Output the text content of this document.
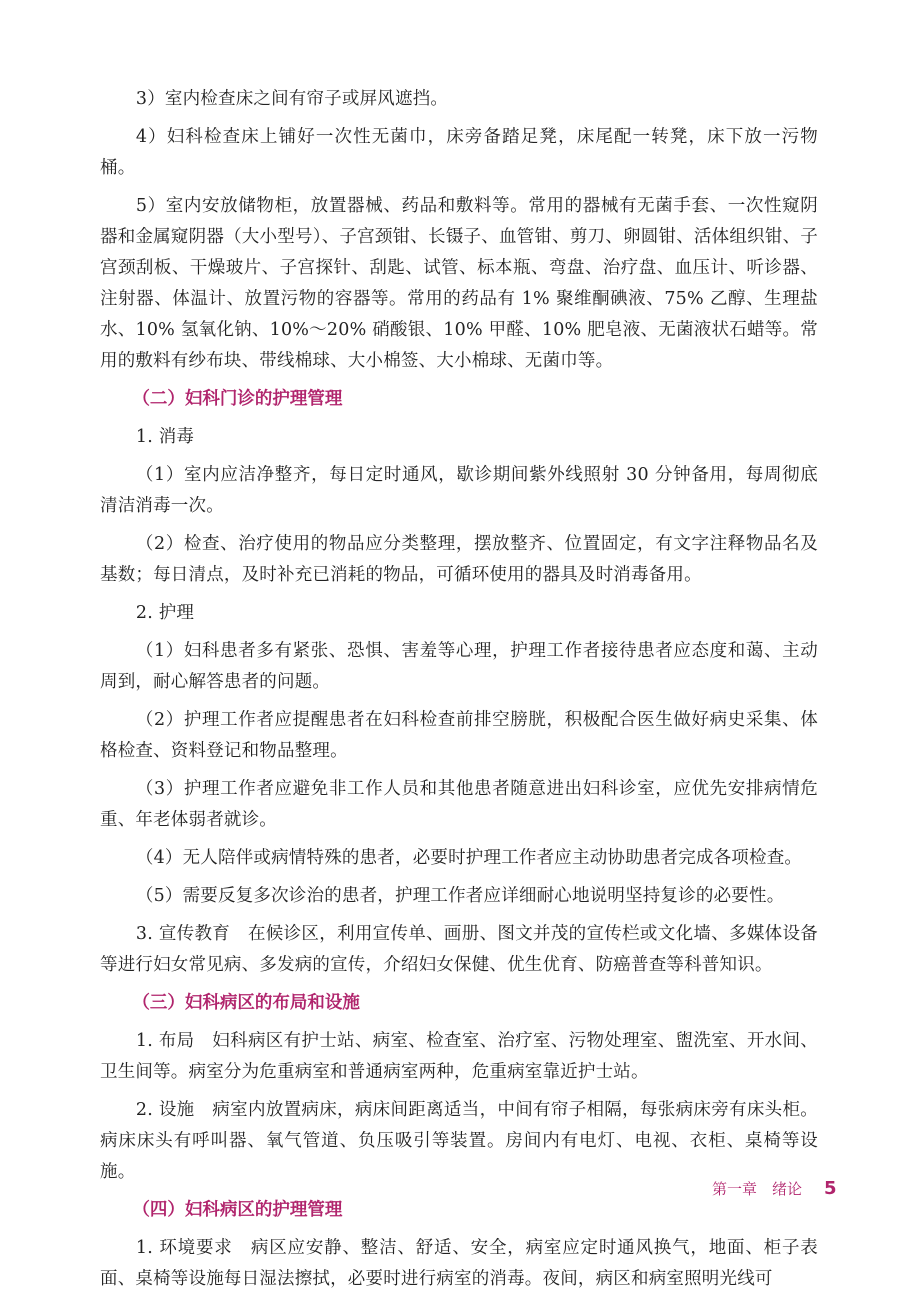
3）室内检查床之间有帘子或屏风遮挡。

4）妇科检查床上铺好一次性无菌巾，床旁备踏足凳，床尾配一转凳，床下放一污物桶。

5）室内安放储物柜，放置器械、药品和敷料等。常用的器械有无菌手套、一次性窥阴器和金属窥阴器（大小型号）、子宫颈钳、长镊子、血管钳、剪刀、卵圆钳、活体组织钳、子宫颈刮板、干燥玻片、子宫探针、刮匙、试管、标本瓶、弯盘、治疗盘、血压计、听诊器、注射器、体温计、放置污物的容器等。常用的药品有 1% 聚维酮碘液、75% 乙醇、生理盐水、10% 氢氧化钠、10%～20% 硝酸银、10% 甲醛、10% 肥皂液、无菌液状石蜡等。常用的敷料有纱布块、带线棉球、大小棉签、大小棉球、无菌巾等。

（二）妇科门诊的护理管理

1. 消毒

（1）室内应洁净整齐，每日定时通风，歇诊期间紫外线照射 30 分钟备用，每周彻底清洁消毒一次。

（2）检查、治疗使用的物品应分类整理，摆放整齐、位置固定，有文字注释物品名及基数；每日清点，及时补充已消耗的物品，可循环使用的器具及时消毒备用。

2. 护理

（1）妇科患者多有紧张、恐惧、害羞等心理，护理工作者接待患者应态度和蔼、主动周到，耐心解答患者的问题。

（2）护理工作者应提醒患者在妇科检查前排空膀胱，积极配合医生做好病史采集、体格检查、资料登记和物品整理。

（3）护理工作者应避免非工作人员和其他患者随意进出妇科诊室，应优先安排病情危重、年老体弱者就诊。

（4）无人陪伴或病情特殊的患者，必要时护理工作者应主动协助患者完成各项检查。

（5）需要反复多次诊治的患者，护理工作者应详细耐心地说明坚持复诊的必要性。

3. 宣传教育　在候诊区，利用宣传单、画册、图文并茂的宣传栏或文化墙、多媒体设备等进行妇女常见病、多发病的宣传，介绍妇女保健、优生优育、防癌普查等科普知识。

（三）妇科病区的布局和设施

1. 布局　妇科病区有护士站、病室、检查室、治疗室、污物处理室、盥洗室、开水间、卫生间等。病室分为危重病室和普通病室两种，危重病室靠近护士站。

2. 设施　病室内放置病床，病床间距离适当，中间有帘子相隔，每张病床旁有床头柜。病床床头有呼叫器、氧气管道、负压吸引等装置。房间内有电灯、电视、衣柜、桌椅等设施。

（四）妇科病区的护理管理

1. 环境要求　病区应安静、整洁、舒适、安全，病室应定时通风换气，地面、柜子表面、桌椅等设施每日湿法擦拭，必要时进行病室的消毒。夜间，病区和病室照明光线可

第一章　绪论 5
